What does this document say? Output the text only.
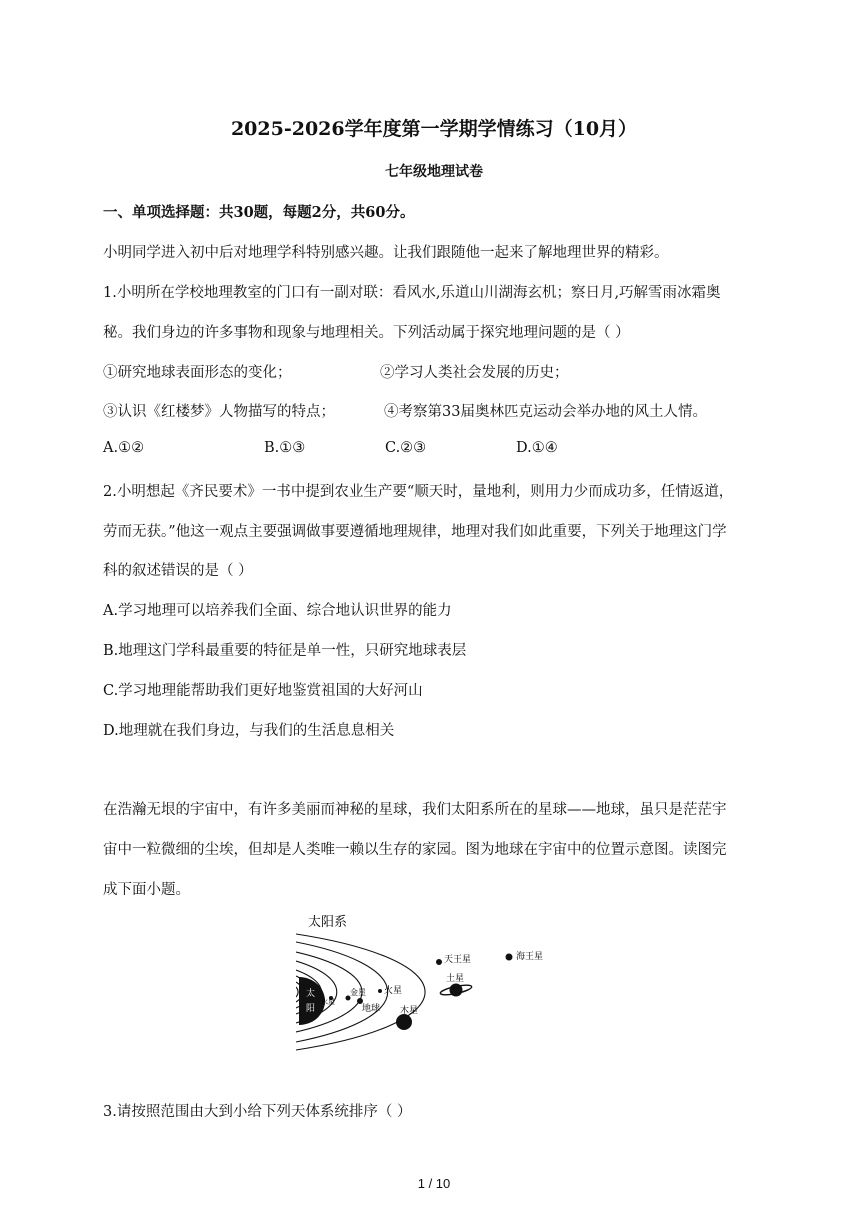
2025-2026学年度第一学期学情练习（10月）
七年级地理试卷
一、单项选择题：共30题，每题2分，共60分。
小明同学进入初中后对地理学科特别感兴趣。让我们跟随他一起来了解地理世界的精彩。
1.小明所在学校地理教室的门口有一副对联：看风水,乐道山川湖海玄机；察日月,巧解雪雨冰霜奥
秘。我们身边的许多事物和现象与地理相关。下列活动属于探究地理问题的是（ ）
①研究地球表面形态的变化；	②学习人类社会发展的历史；
③认识《红楼梦》人物描写的特点；	④考察第33届奥林匹克运动会举办地的风土人情。
A.①②	B.①③	C.②③	D.①④
2.小明想起《齐民要术》一书中提到农业生产要“顺天时，量地利，则用力少而成功多，任情返道，
劳而无获。”他这一观点主要强调做事要遵循地理规律，地理对我们如此重要，下列关于地理这门学
科的叙述错误的是（ ）
A.学习地理可以培养我们全面、综合地认识世界的能力
B.地理这门学科最重要的特征是单一性，只研究地球表层
C.学习地理能帮助我们更好地鉴赏祖国的大好河山
D.地理就在我们身边，与我们的生活息息相关
在浩瀚无垠的宇宙中，有许多美丽而神秘的星球，我们太阳系所在的星球——地球，虽只是茫茫宇
宙中一粒微细的尘埃，但却是人类唯一赖以生存的家园。图为地球在宇宙中的位置示意图。读图完
成下面小题。
太阳系
太
阳
水星
金星
地球
火星
木星
土星
天王星	海王星
3.请按照范围由大到小给下列天体系统排序（ ）
1 / 10
